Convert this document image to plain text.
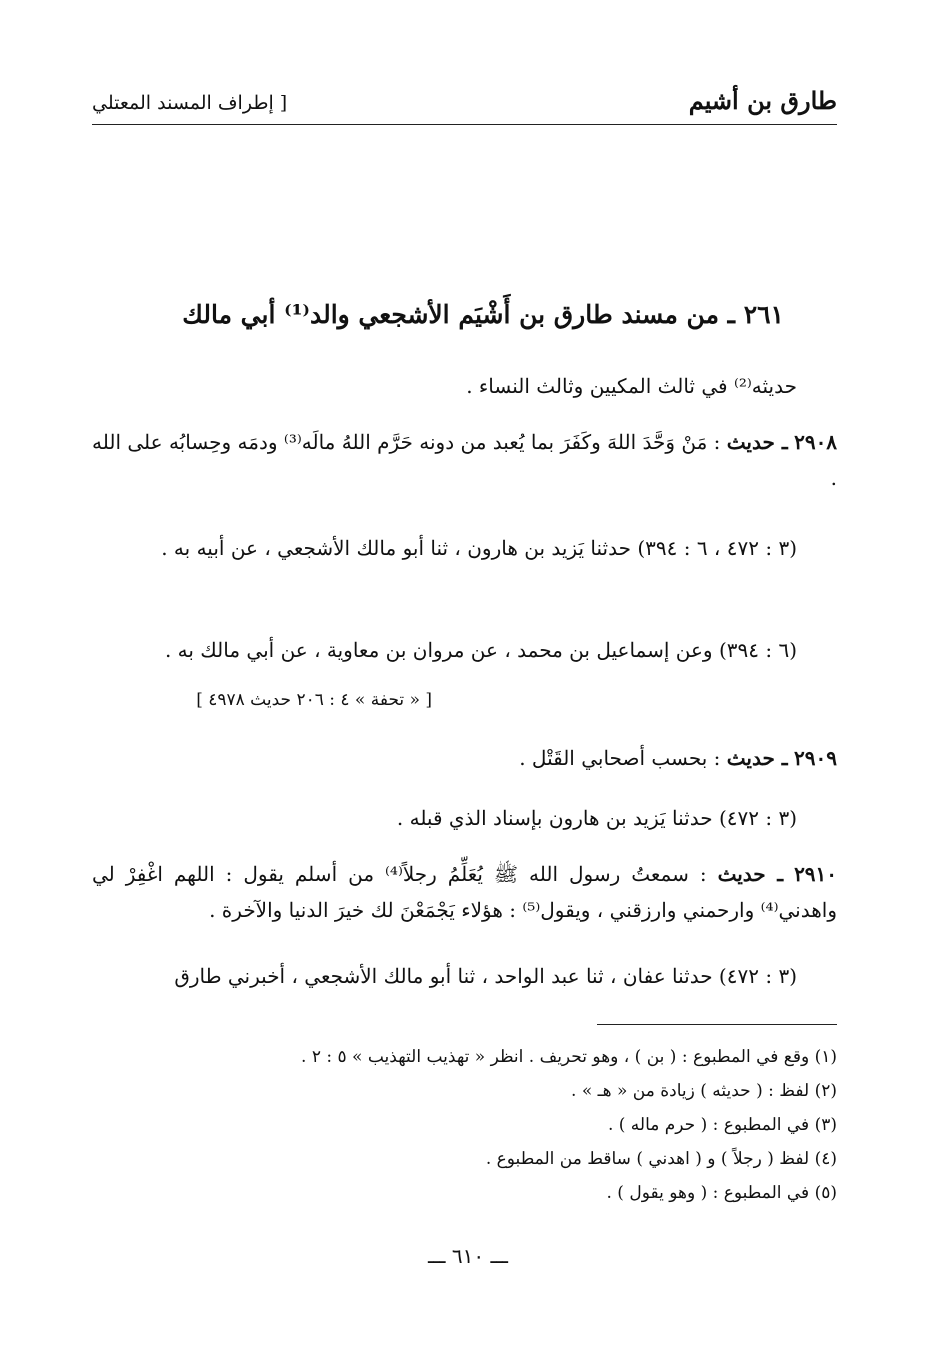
طارق بن أشيم
[ إطراف المسند المعتلي
٢٦١ ـ من مسند طارق بن أَشْيَم الأشجعي والد⁽¹⁾ أبي مالك
حديثه⁽²⁾ في ثالث المكيين وثالث النساء .
٢٩٠٨ ـ حديث : مَنْ وَحَّدَ اللهَ وكَفَرَ بما يُعبد من دونه حَرَّم اللهُ مالَه⁽³⁾ ودمَه وحِسابُه على الله .
(٣ : ٤٧٢ ، ٦ : ٣٩٤) حدثنا يَزيد بن هارون ، ثنا أبو مالك الأشجعي ، عن أبيه به .
(٦ : ٣٩٤) وعن إسماعيل بن محمد ، عن مروان بن معاوية ، عن أبي مالك به .
[ « تحفة » ٤ : ٢٠٦ حديث ٤٩٧٨ ]
٢٩٠٩ ـ حديث : بحسب أصحابي القَتْل .
(٣ : ٤٧٢) حدثنا يَزيد بن هارون بإسناد الذي قبله .
٢٩١٠ ـ حديث : سمعتُ رسول الله ﷺ يُعَلِّمُ رجلاً⁽⁴⁾ من أسلم يقول : اللهم اغْفِرْ لي واهدني⁽⁴⁾ وارحمني وارزقني ، ويقول⁽⁵⁾ : هؤلاء يَجْمَعْنَ لك خيرَ الدنيا والآخرة .
(٣ : ٤٧٢) حدثنا عفان ، ثنا عبد الواحد ، ثنا أبو مالك الأشجعي ، أخبرني طارق
(١) وقع في المطبوع : ( بن ) ، وهو تحريف . انظر « تهذيب التهذيب » ٥ : ٢ .
(٢) لفظ : ( حديثه ) زيادة من « هـ » .
(٣) في المطبوع : ( حرم ماله ) .
(٤) لفظ ( رجلاً ) و ( اهدني ) ساقط من المطبوع .
(٥) في المطبوع : ( وهو يقول ) .
ـــ ٦١٠ ـــ
